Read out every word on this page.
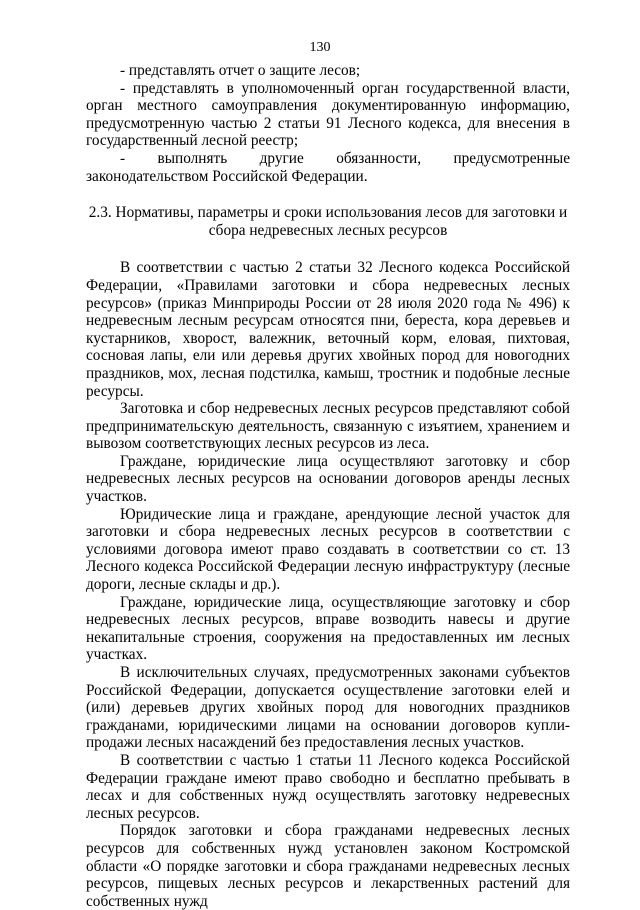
130

- представлять отчет о защите лесов;

- представлять в уполномоченный орган государственной власти, орган местного самоуправления документированную информацию, предусмотренную частью 2 статьи 91 Лесного кодекса, для внесения в государственный лесной реестр;

- выполнять другие обязанности, предусмотренные законодательством Российской Федерации.

2.3. Нормативы, параметры и сроки использования лесов для заготовки и сбора недревесных лесных ресурсов

В соответствии с частью 2 статьи 32 Лесного кодекса Российской Федерации, «Правилами заготовки и сбора недревесных лесных ресурсов» (приказ Минприроды России от 28 июля 2020 года № 496) к недревесным лесным ресурсам относятся пни, береста, кора деревьев и кустарников, хворост, валежник, веточный корм, еловая, пихтовая, сосновая лапы, ели или деревья других хвойных пород для новогодних праздников, мох, лесная подстилка, камыш, тростник и подобные лесные ресурсы.

Заготовка и сбор недревесных лесных ресурсов представляют собой предпринимательскую деятельность, связанную с изъятием, хранением и вывозом соответствующих лесных ресурсов из леса.

Граждане, юридические лица осуществляют заготовку и сбор недревесных лесных ресурсов на основании договоров аренды лесных участков.

Юридические лица и граждане, арендующие лесной участок для заготовки и сбора недревесных лесных ресурсов в соответствии с условиями договора имеют право создавать в соответствии со ст. 13 Лесного кодекса Российской Федерации лесную инфраструктуру (лесные дороги, лесные склады и др.).

Граждане, юридические лица, осуществляющие заготовку и сбор недревесных лесных ресурсов, вправе возводить навесы и другие некапитальные строения, сооружения на предоставленных им лесных участках.

В исключительных случаях, предусмотренных законами субъектов Российской Федерации, допускается осуществление заготовки елей и (или) деревьев других хвойных пород для новогодних праздников гражданами, юридическими лицами на основании договоров купли-продажи лесных насаждений без предоставления лесных участков.

В соответствии с частью 1 статьи 11 Лесного кодекса Российской Федерации граждане имеют право свободно и бесплатно пребывать в лесах и для собственных нужд осуществлять заготовку недревесных лесных ресурсов.

Порядок заготовки и сбора гражданами недревесных лесных ресурсов для собственных нужд установлен законом Костромской области «О порядке заготовки и сбора гражданами недревесных лесных ресурсов, пищевых лесных ресурсов и лекарственных растений для собственных нужд
